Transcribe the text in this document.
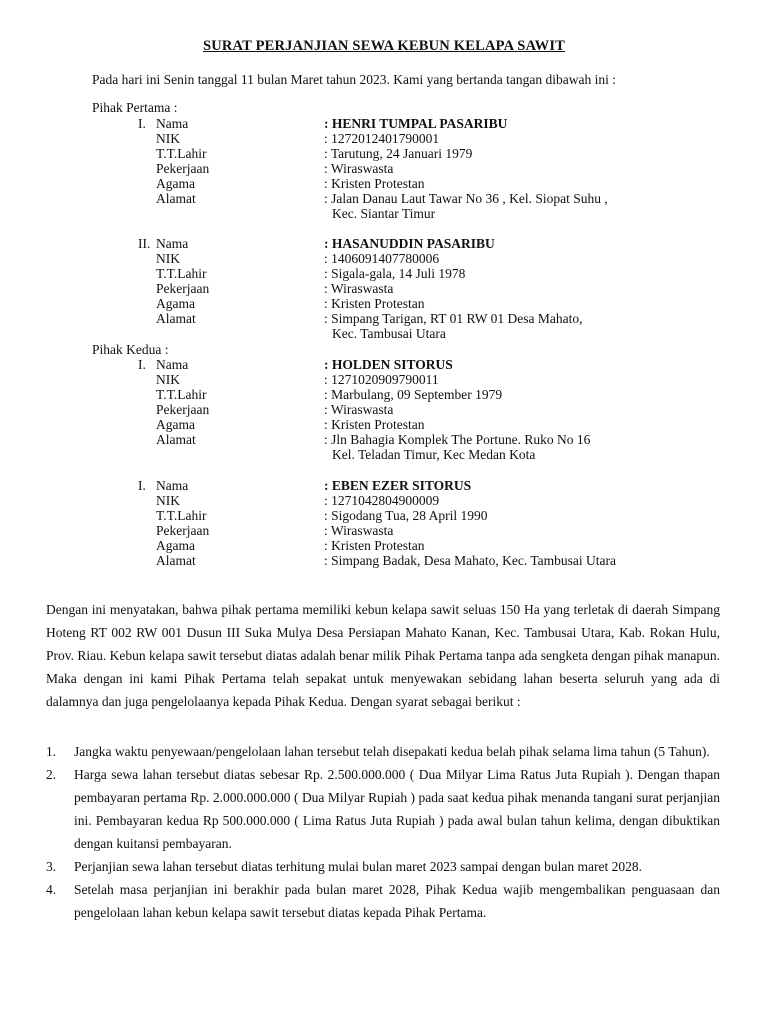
SURAT PERJANJIAN SEWA KEBUN KELAPA SAWIT
Pada hari ini Senin tanggal 11 bulan Maret tahun 2023. Kami yang bertanda tangan dibawah ini :
Pihak Pertama :
I. Nama	: HENRI TUMPAL PASARIBU
NIK	: 1272012401790001
T.T.Lahir	: Tarutung, 24 Januari 1979
Pekerjaan	: Wiraswasta
Agama	: Kristen Protestan
Alamat	: Jalan Danau Laut Tawar No 36 , Kel. Siopat Suhu ,
Kec. Siantar Timur
II. Nama	: HASANUDDIN PASARIBU
NIK	: 1406091407780006
T.T.Lahir	: Sigala-gala, 14 Juli 1978
Pekerjaan	: Wiraswasta
Agama	: Kristen Protestan
Alamat	: Simpang Tarigan, RT 01 RW 01 Desa Mahato,
Kec. Tambusai Utara
Pihak Kedua :
I. Nama	: HOLDEN SITORUS
NIK	: 1271020909790011
T.T.Lahir	: Marbulang, 09 September 1979
Pekerjaan	: Wiraswasta
Agama	: Kristen Protestan
Alamat	: Jln Bahagia Komplek The Portune. Ruko No 16
Kel. Teladan Timur, Kec Medan Kota
I. Nama	: EBEN EZER SITORUS
NIK	: 1271042804900009
T.T.Lahir	: Sigodang Tua, 28 April 1990
Pekerjaan	: Wiraswasta
Agama	: Kristen Protestan
Alamat	: Simpang Badak, Desa Mahato, Kec. Tambusai Utara
Dengan ini menyatakan, bahwa pihak pertama memiliki kebun kelapa sawit seluas 150 Ha yang terletak di daerah Simpang Hoteng RT 002 RW 001 Dusun III Suka Mulya Desa Persiapan Mahato Kanan, Kec. Tambusai Utara, Kab. Rokan Hulu, Prov. Riau. Kebun kelapa sawit tersebut diatas adalah benar milik Pihak Pertama tanpa ada sengketa dengan pihak manapun. Maka dengan ini kami Pihak Pertama telah sepakat untuk menyewakan sebidang lahan beserta seluruh yang ada di dalamnya dan juga pengelolaanya kepada Pihak Kedua. Dengan syarat sebagai berikut :
1. Jangka waktu penyewaan/pengelolaan lahan tersebut telah disepakati kedua belah pihak selama lima tahun (5 Tahun).
2. Harga sewa lahan tersebut diatas sebesar Rp. 2.500.000.000 ( Dua Milyar Lima Ratus Juta Rupiah ). Dengan thapan pembayaran pertama Rp. 2.000.000.000 ( Dua Milyar Rupiah ) pada saat kedua pihak menanda tangani surat perjanjian ini. Pembayaran kedua Rp 500.000.000 ( Lima Ratus Juta Rupiah ) pada awal bulan tahun kelima, dengan dibuktikan dengan kuitansi pembayaran.
3. Perjanjian sewa lahan tersebut diatas terhitung mulai bulan maret 2023 sampai dengan bulan maret 2028.
4. Setelah masa perjanjian ini berakhir pada bulan maret 2028, Pihak Kedua wajib mengembalikan penguasaan dan pengelolaan lahan kebun kelapa sawit tersebut diatas kepada Pihak Pertama.
